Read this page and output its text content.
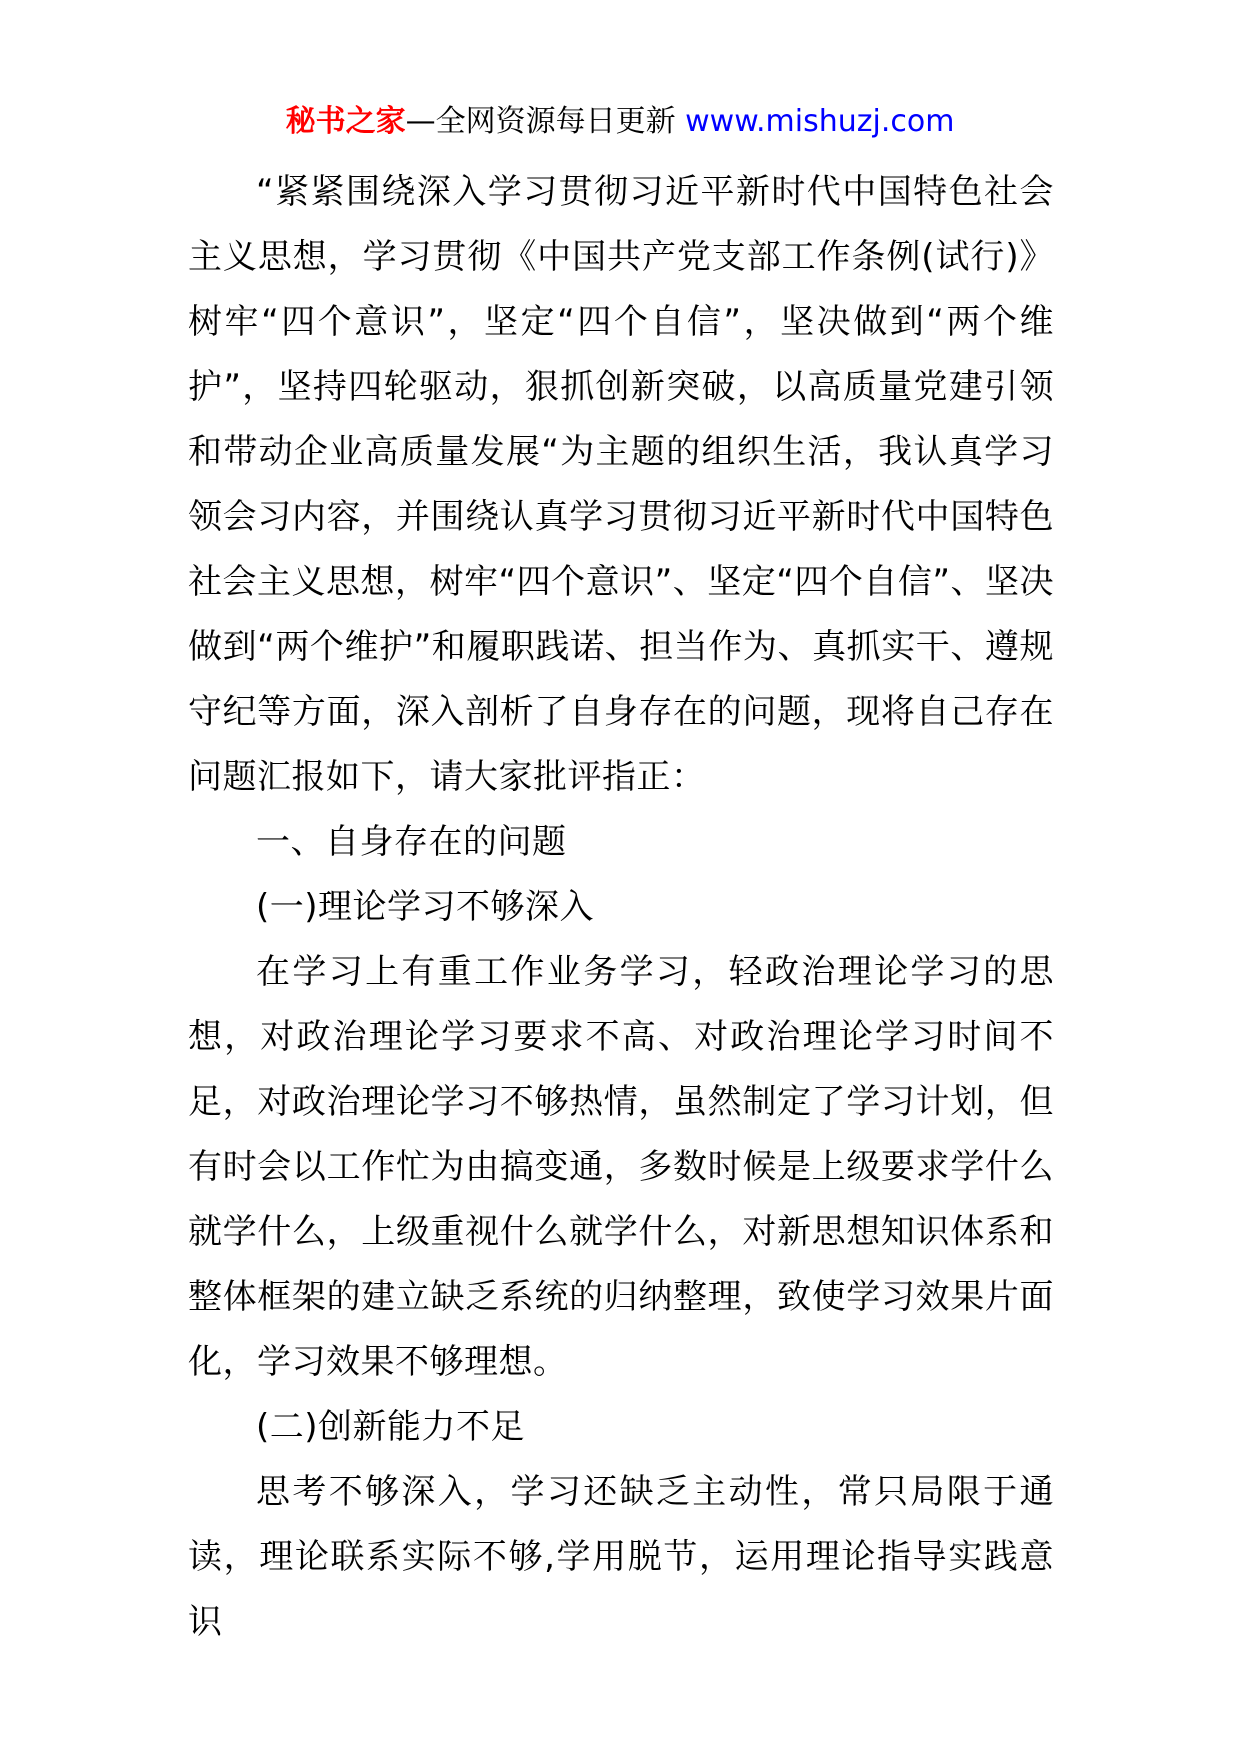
秘书之家—全网资源每日更新 www.mishuzj.com

“紧紧围绕深入学习贯彻习近平新时代中国特色社会主义思想，学习贯彻《中国共产党支部工作条例(试行)》树牢“四个意识”，坚定“四个自信”，坚决做到“两个维护”，坚持四轮驱动，狠抓创新突破，以高质量党建引领和带动企业高质量发展“为主题的组织生活，我认真学习领会习内容，并围绕认真学习贯彻习近平新时代中国特色社会主义思想，树牢“四个意识”、坚定“四个自信”、坚决做到“两个维护”和履职践诺、担当作为、真抓实干、遵规守纪等方面，深入剖析了自身存在的问题，现将自己存在问题汇报如下，请大家批评指正：

一、自身存在的问题

(一)理论学习不够深入

在学习上有重工作业务学习，轻政治理论学习的思想，对政治理论学习要求不高、对政治理论学习时间不足，对政治理论学习不够热情，虽然制定了学习计划，但有时会以工作忙为由搞变通，多数时候是上级要求学什么就学什么，上级重视什么就学什么，对新思想知识体系和整体框架的建立缺乏系统的归纳整理，致使学习效果片面化，学习效果不够理想。

(二)创新能力不足

思考不够深入，学习还缺乏主动性，常只局限于通读，理论联系实际不够,学用脱节，运用理论指导实践意识
